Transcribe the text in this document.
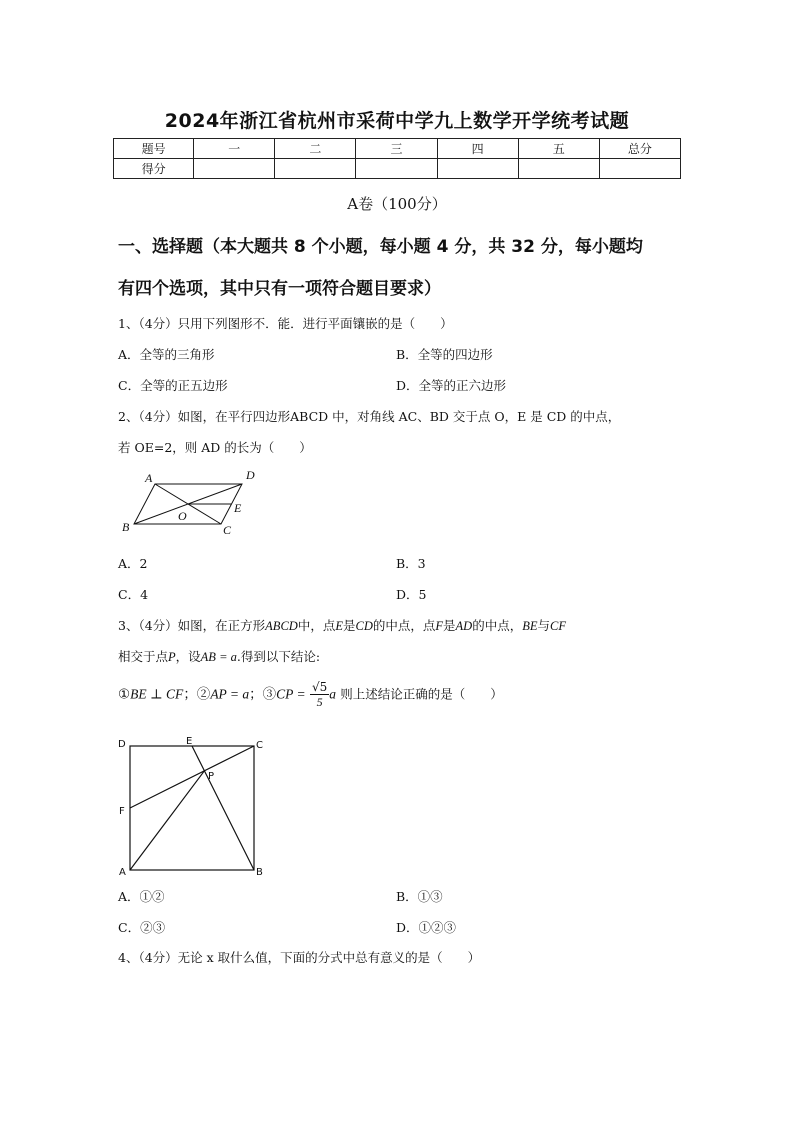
2024年浙江省杭州市采荷中学九上数学开学统考试题
题号	一	二	三	四	五	总分
得分						
A卷（100分）
一、选择题（本大题共 8 个小题，每小题 4 分，共 32 分，每小题均
有四个选项，其中只有一项符合题目要求）
1、（4分）只用下列图形不．能．进行平面镶嵌的是（　　）
A．全等的三角形	B．全等的四边形
C．全等的正五边形	D．全等的正六边形
2、（4分）如图，在平行四边形ABCD 中，对角线 AC、BD 交于点 O，E 是 CD 的中点，
若 OE=2，则 AD 的长为（　　）
A	D
B	C
O
E
A．2	B．3
C．4	D．5
3、（4分）如图，在正方形ABCD中，点E是CD的中点，点F是AD的中点，BE与CF
相交于点P，设AB = a.得到以下结论:
①BE ⊥ CF；②AP = a；③CP = $\frac{√5}{5}$ a 则上述结论正确的是（　　）
D	E	C
P
F
A	B
A．①②	B．①③
C．②③	D．①②③
4、（4分）无论 x 取什么值，下面的分式中总有意义的是（　　）
